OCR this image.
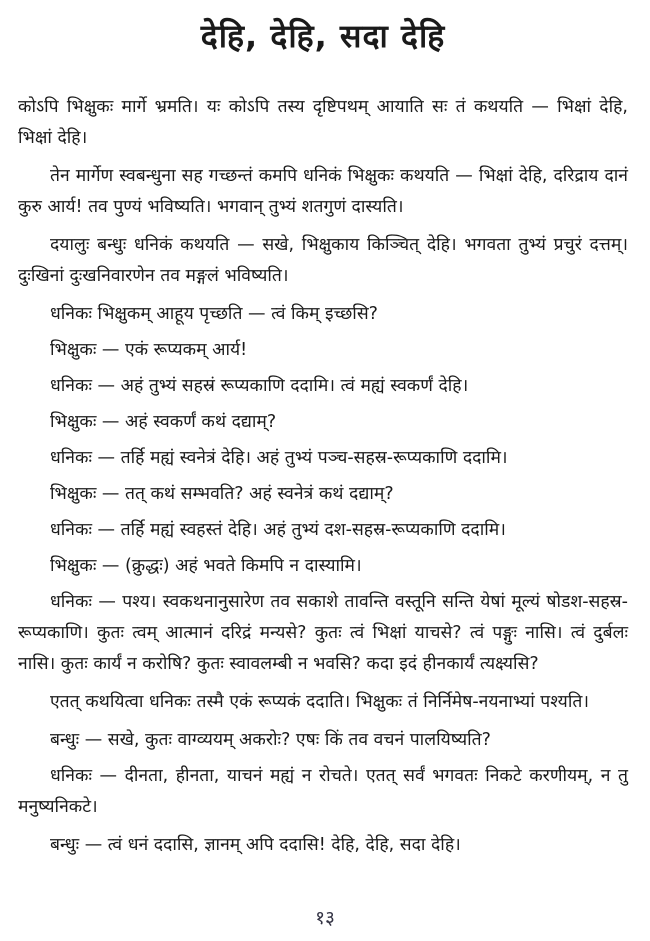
देहि, देहि, सदा देहि

कोऽपि भिक्षुकः मार्गे भ्रमति। यः कोऽपि तस्य दृष्टिपथम् आयाति सः तं कथयति — भिक्षां देहि, भिक्षां देहि।

तेन मार्गेण स्वबन्धुना सह गच्छन्तं कमपि धनिकं भिक्षुकः कथयति — भिक्षां देहि, दरिद्राय दानं कुरु आर्य! तव पुण्यं भविष्यति। भगवान् तुभ्यं शतगुणं दास्यति।

दयालुः बन्धुः धनिकं कथयति — सखे, भिक्षुकाय किञ्चित् देहि। भगवता तुभ्यं प्रचुरं दत्तम्। दुःखिनां दुःखनिवारणेन तव मङ्गलं भविष्यति।

धनिकः भिक्षुकम् आहूय पृच्छति — त्वं किम् इच्छसि?

भिक्षुकः — एकं रूप्यकम् आर्य!

धनिकः — अहं तुभ्यं सहस्रं रूप्यकाणि ददामि। त्वं मह्यं स्वकर्णं देहि।

भिक्षुकः — अहं स्वकर्णं कथं दद्याम्?

धनिकः — तर्हि मह्यं स्वनेत्रं देहि। अहं तुभ्यं पञ्च-सहस्र-रूप्यकाणि ददामि।

भिक्षुकः — तत् कथं सम्भवति? अहं स्वनेत्रं कथं दद्याम्?

धनिकः — तर्हि मह्यं स्वहस्तं देहि। अहं तुभ्यं दश-सहस्र-रूप्यकाणि ददामि।

भिक्षुकः — (क्रुद्धः) अहं भवते किमपि न दास्यामि।

धनिकः — पश्य। स्वकथनानुसारेण तव सकाशे तावन्ति वस्तूनि सन्ति येषां मूल्यं षोडश-सहस्र-रूप्यकाणि। कुतः त्वम् आत्मानं दरिद्रं मन्यसे? कुतः त्वं भिक्षां याचसे? त्वं पङ्गुः नासि। त्वं दुर्बलः नासि। कुतः कार्यं न करोषि? कुतः स्वावलम्बी न भवसि? कदा इदं हीनकार्यं त्यक्ष्यसि?

एतत् कथयित्वा धनिकः तस्मै एकं रूप्यकं ददाति। भिक्षुकः तं निर्निमेष-नयनाभ्यां पश्यति।

बन्धुः — सखे, कुतः वाग्व्ययम् अकरोः? एषः किं तव वचनं पालयिष्यति?

धनिकः — दीनता, हीनता, याचनं मह्यं न रोचते। एतत् सर्वं भगवतः निकटे करणीयम्, न तु मनुष्यनिकटे।

बन्धुः — त्वं धनं ददासि, ज्ञानम् अपि ददासि! देहि, देहि, सदा देहि।

१३
